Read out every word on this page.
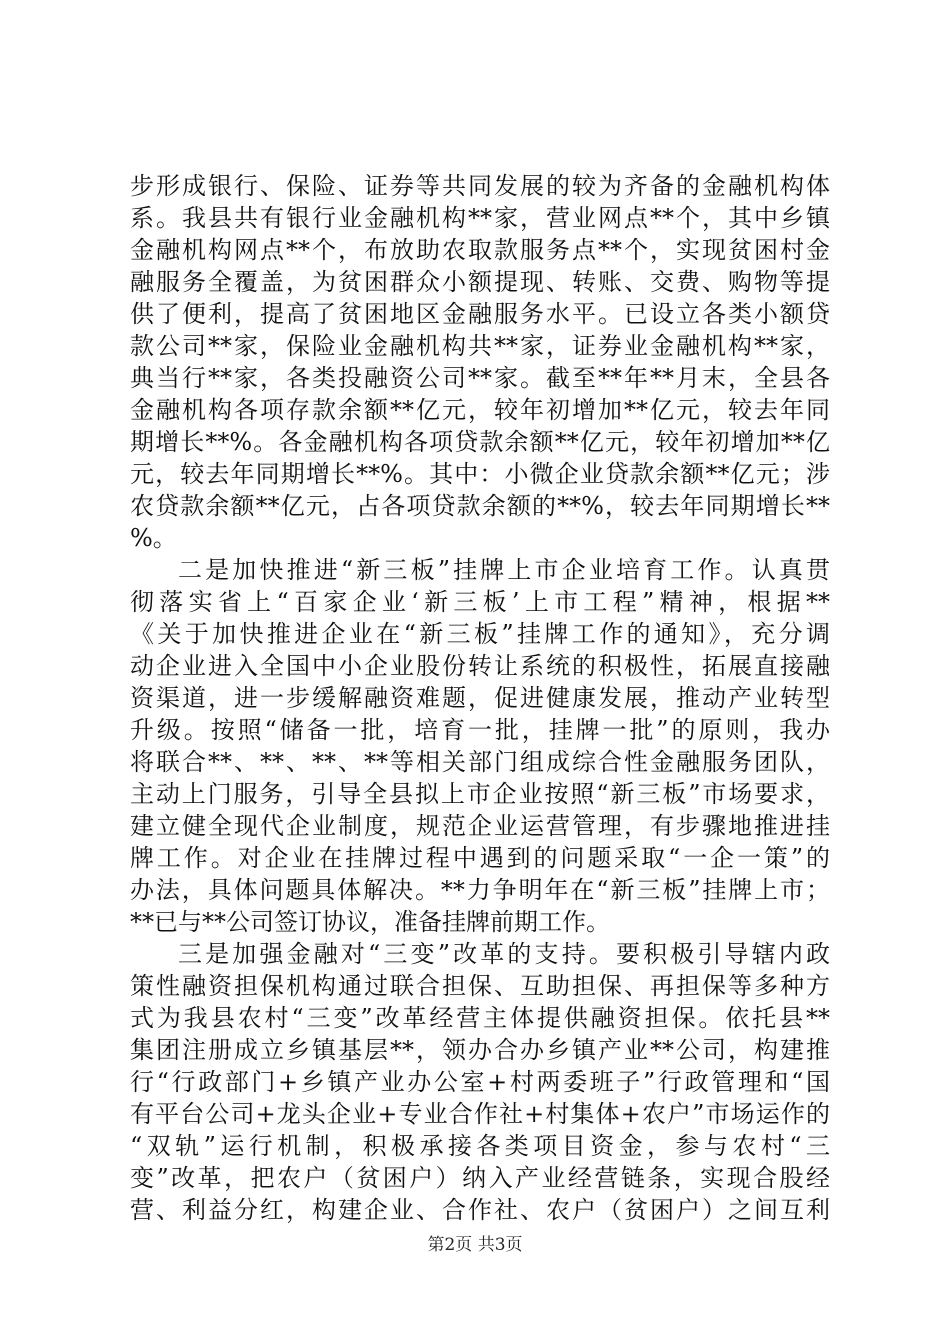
步形成银行、保险、证券等共同发展的较为齐备的金融机构体
系。我县共有银行业金融机构**家，营业网点**个，其中乡镇
金融机构网点**个，布放助农取款服务点**个，实现贫困村金
融服务全覆盖，为贫困群众小额提现、转账、交费、购物等提
供了便利，提高了贫困地区金融服务水平。已设立各类小额贷
款公司**家，保险业金融机构共**家，证券业金融机构**家，
典当行**家，各类投融资公司**家。截至**年**月末，全县各
金融机构各项存款余额**亿元，较年初增加**亿元，较去年同
期增长**%。各金融机构各项贷款余额**亿元，较年初增加**亿
元，较去年同期增长**%。其中：小微企业贷款余额**亿元；涉
农贷款余额**亿元，占各项贷款余额的**%，较去年同期增长**
%。
二是加快推进“新三板”挂牌上市企业培育工作。认真贯
彻落实省上“百家企业‘新三板’上市工程”精神，根据**
《关于加快推进企业在“新三板”挂牌工作的通知》，充分调
动企业进入全国中小企业股份转让系统的积极性，拓展直接融
资渠道，进一步缓解融资难题，促进健康发展，推动产业转型
升级。按照“储备一批，培育一批，挂牌一批”的原则，我办
将联合**、**、**、**等相关部门组成综合性金融服务团队，
主动上门服务，引导全县拟上市企业按照“新三板”市场要求，
建立健全现代企业制度，规范企业运营管理，有步骤地推进挂
牌工作。对企业在挂牌过程中遇到的问题采取“一企一策”的
办法，具体问题具体解决。**力争明年在“新三板”挂牌上市；
**已与**公司签订协议，准备挂牌前期工作。
三是加强金融对“三变”改革的支持。要积极引导辖内政
策性融资担保机构通过联合担保、互助担保、再担保等多种方
式为我县农村“三变”改革经营主体提供融资担保。依托县**
集团注册成立乡镇基层**，领办合办乡镇产业**公司，构建推
行“行政部门+乡镇产业办公室+村两委班子”行政管理和“国
有平台公司+龙头企业+专业合作社+村集体+农户”市场运作的
“双轨”运行机制，积极承接各类项目资金，参与农村“三
变”改革，把农户（贫困户）纳入产业经营链条，实现合股经
营、利益分红，构建企业、合作社、农户（贫困户）之间互利
第2页 共3页
